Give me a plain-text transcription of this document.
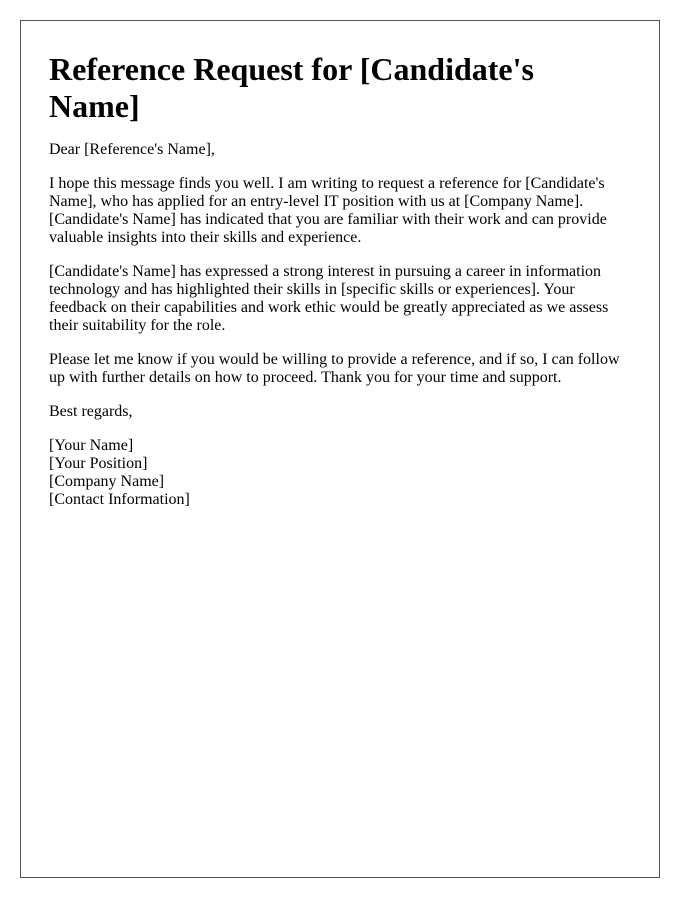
Reference Request for [Candidate's Name]

Dear [Reference's Name],

I hope this message finds you well. I am writing to request a reference for [Candidate's Name], who has applied for an entry-level IT position with us at [Company Name]. [Candidate's Name] has indicated that you are familiar with their work and can provide valuable insights into their skills and experience.

[Candidate's Name] has expressed a strong interest in pursuing a career in information technology and has highlighted their skills in [specific skills or experiences]. Your feedback on their capabilities and work ethic would be greatly appreciated as we assess their suitability for the role.

Please let me know if you would be willing to provide a reference, and if so, I can follow up with further details on how to proceed. Thank you for your time and support.

Best regards,

[Your Name]
[Your Position]
[Company Name]
[Contact Information]
